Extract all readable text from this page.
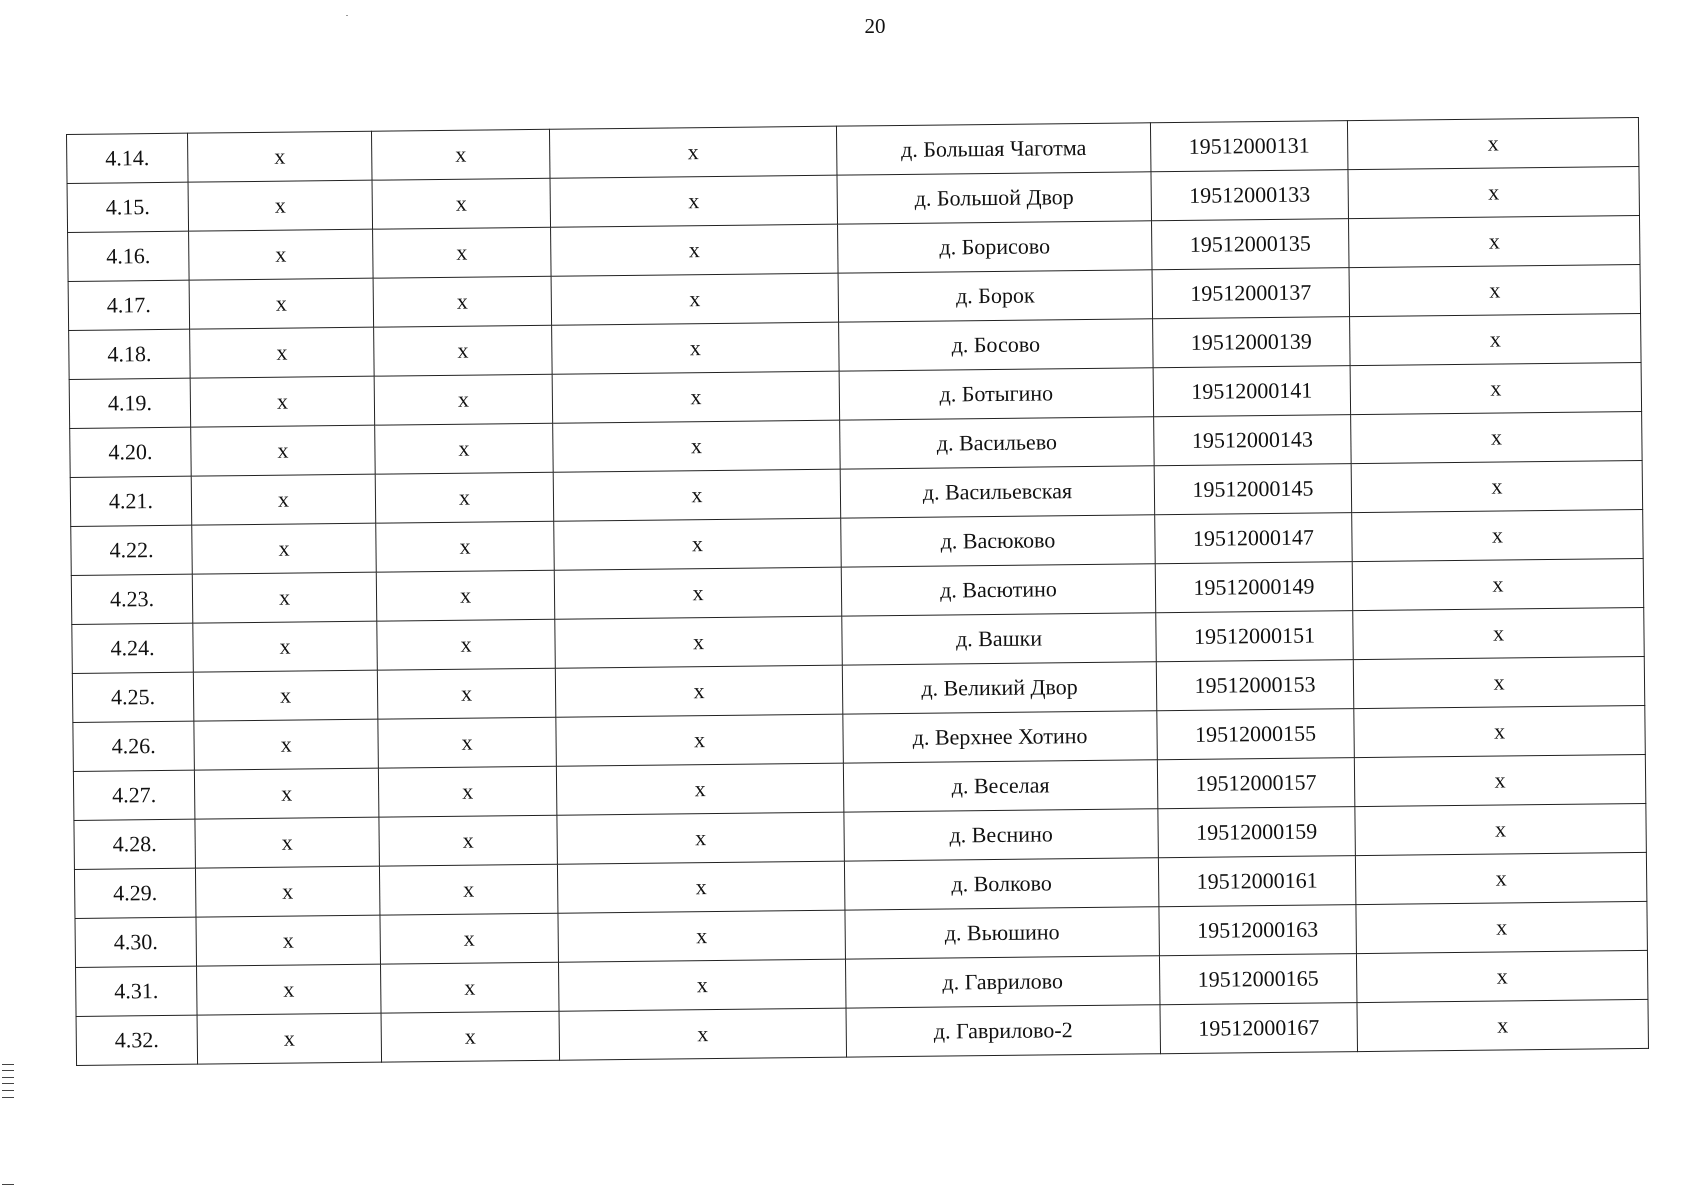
20
4.14.	x	x	x	д. Большая Чаготма	19512000131	x
4.15.	x	x	x	д. Большой Двор	19512000133	x
4.16.	x	x	x	д. Борисово	19512000135	x
4.17.	x	x	x	д. Борок	19512000137	x
4.18.	x	x	x	д. Босово	19512000139	x
4.19.	x	x	x	д. Ботыгино	19512000141	x
4.20.	x	x	x	д. Васильево	19512000143	x
4.21.	x	x	x	д. Васильевская	19512000145	x
4.22.	x	x	x	д. Васюково	19512000147	x
4.23.	x	x	x	д. Васютино	19512000149	x
4.24.	x	x	x	д. Вашки	19512000151	x
4.25.	x	x	x	д. Великий Двор	19512000153	x
4.26.	x	x	x	д. Верхнее Хотино	19512000155	x
4.27.	x	x	x	д. Веселая	19512000157	x
4.28.	x	x	x	д. Веснино	19512000159	x
4.29.	x	x	x	д. Волково	19512000161	x
4.30.	x	x	x	д. Вьюшино	19512000163	x
4.31.	x	x	x	д. Гаврилово	19512000165	x
4.32.	x	x	x	д. Гаврилово-2	19512000167	x
